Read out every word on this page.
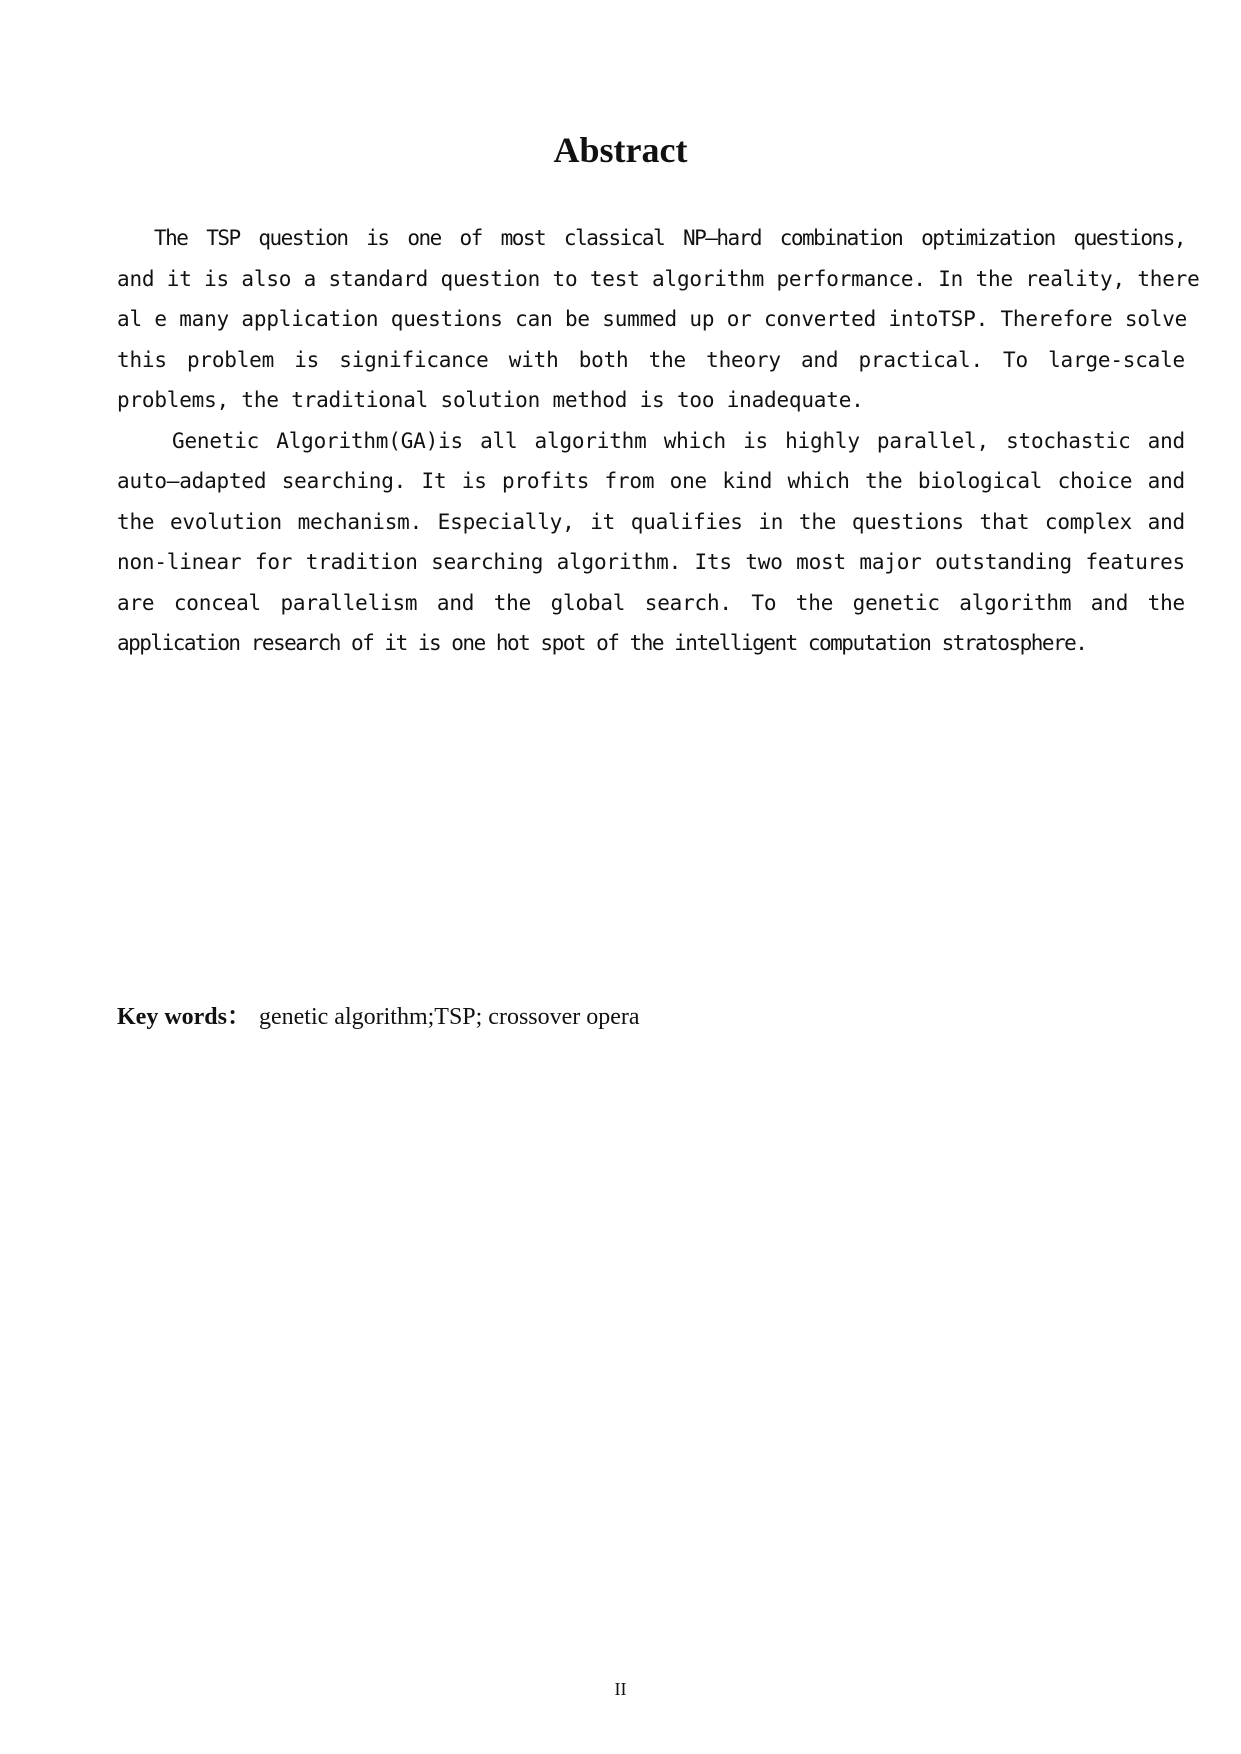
Abstract
The TSP question is one of most classical NP—hard combination optimization questions,
and it is also a standard question to test algorithm performance. In the reality, there
al e many application questions can be summed up or converted intoTSP. Therefore solve
this problem is significance with both the theory and practical. To large-scale
problems, the traditional solution method is too inadequate.
Genetic Algorithm(GA)is all algorithm which is highly parallel, stochastic and
auto—adapted searching. It is profits from one kind which the biological choice and
the evolution mechanism. Especially, it qualifies in the questions that complex and
non-linear for tradition searching algorithm. Its two most major outstanding features
are conceal parallelism and the global search. To the genetic algorithm and the
application research of it is one hot spot of the intelligent computation stratosphere.
Key words： genetic algorithm;TSP; crossover opera
II
